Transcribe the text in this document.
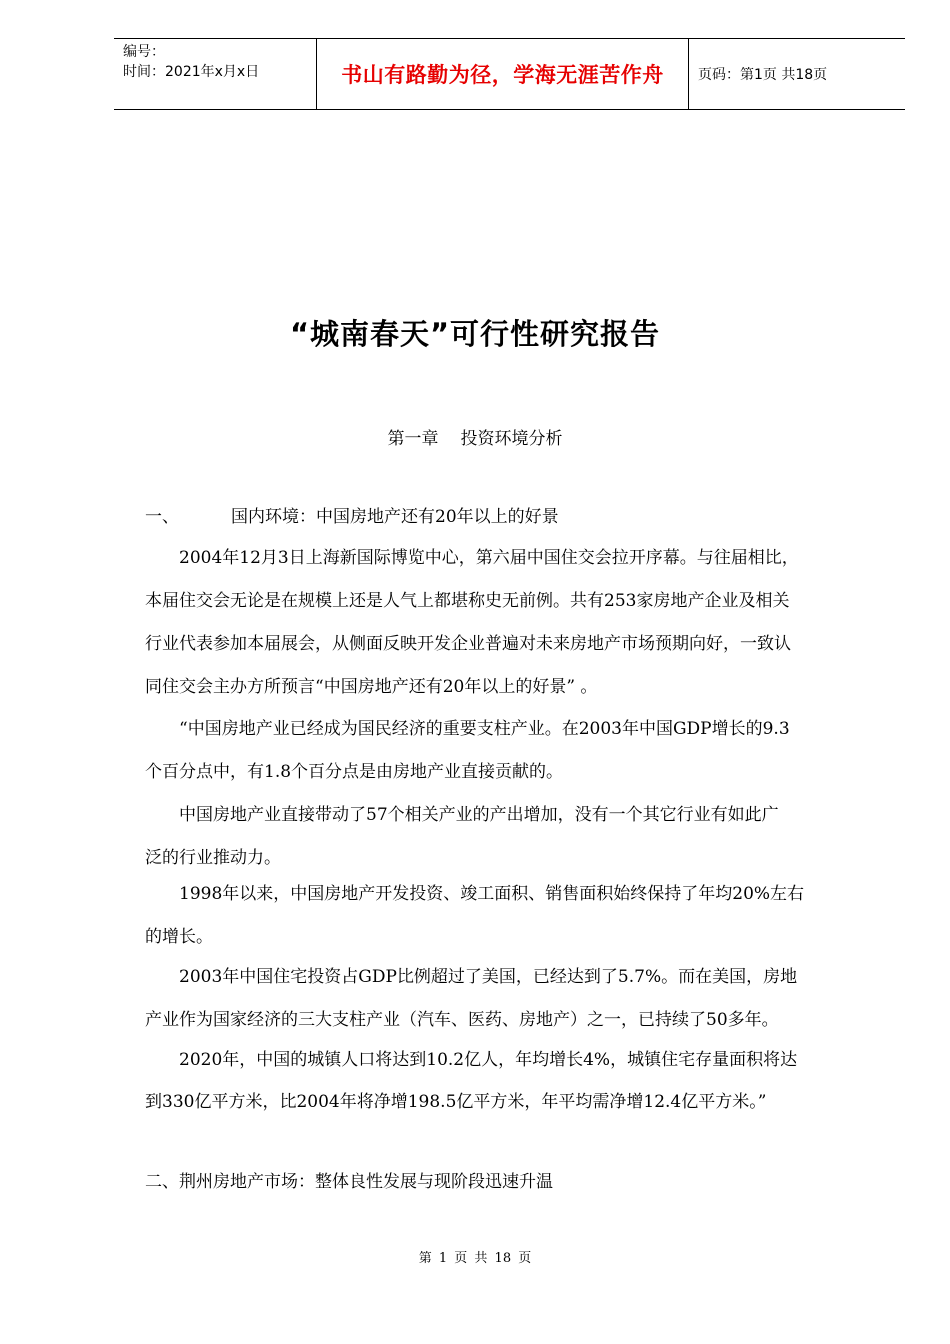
编号：
时间：2021年x月x日	书山有路勤为径，学海无涯苦作舟	页码：第1页 共18页
“城南春天”可行性研究报告
第一章 投资环境分析
一、	国内环境：中国房地产还有20年以上的好景
　　2004年12月3日上海新国际博览中心，第六届中国住交会拉开序幕。与往届相比，
本届住交会无论是在规模上还是人气上都堪称史无前例。共有253家房地产企业及相关
行业代表参加本届展会，从侧面反映开发企业普遍对未来房地产市场预期向好，一致认
同住交会主办方所预言“中国房地产还有20年以上的好景” 。
　　“中国房地产业已经成为国民经济的重要支柱产业。在2003年中国GDP增长的9.3
个百分点中，有1.8个百分点是由房地产业直接贡献的。
　　中国房地产业直接带动了57个相关产业的产出增加，没有一个其它行业有如此广
泛的行业推动力。
　　1998年以来，中国房地产开发投资、竣工面积、销售面积始终保持了年均20%左右
的增长。
　　2003年中国住宅投资占GDP比例超过了美国，已经达到了5.7%。而在美国，房地
产业作为国家经济的三大支柱产业（汽车、医药、房地产）之一，已持续了50多年。
　　2020年，中国的城镇人口将达到10.2亿人，年均增长4%，城镇住宅存量面积将达
到330亿平方米，比2004年将净增198.5亿平方米，年平均需净增12.4亿平方米。”
二、荆州房地产市场：整体良性发展与现阶段迅速升温
第 1 页 共 18 页
